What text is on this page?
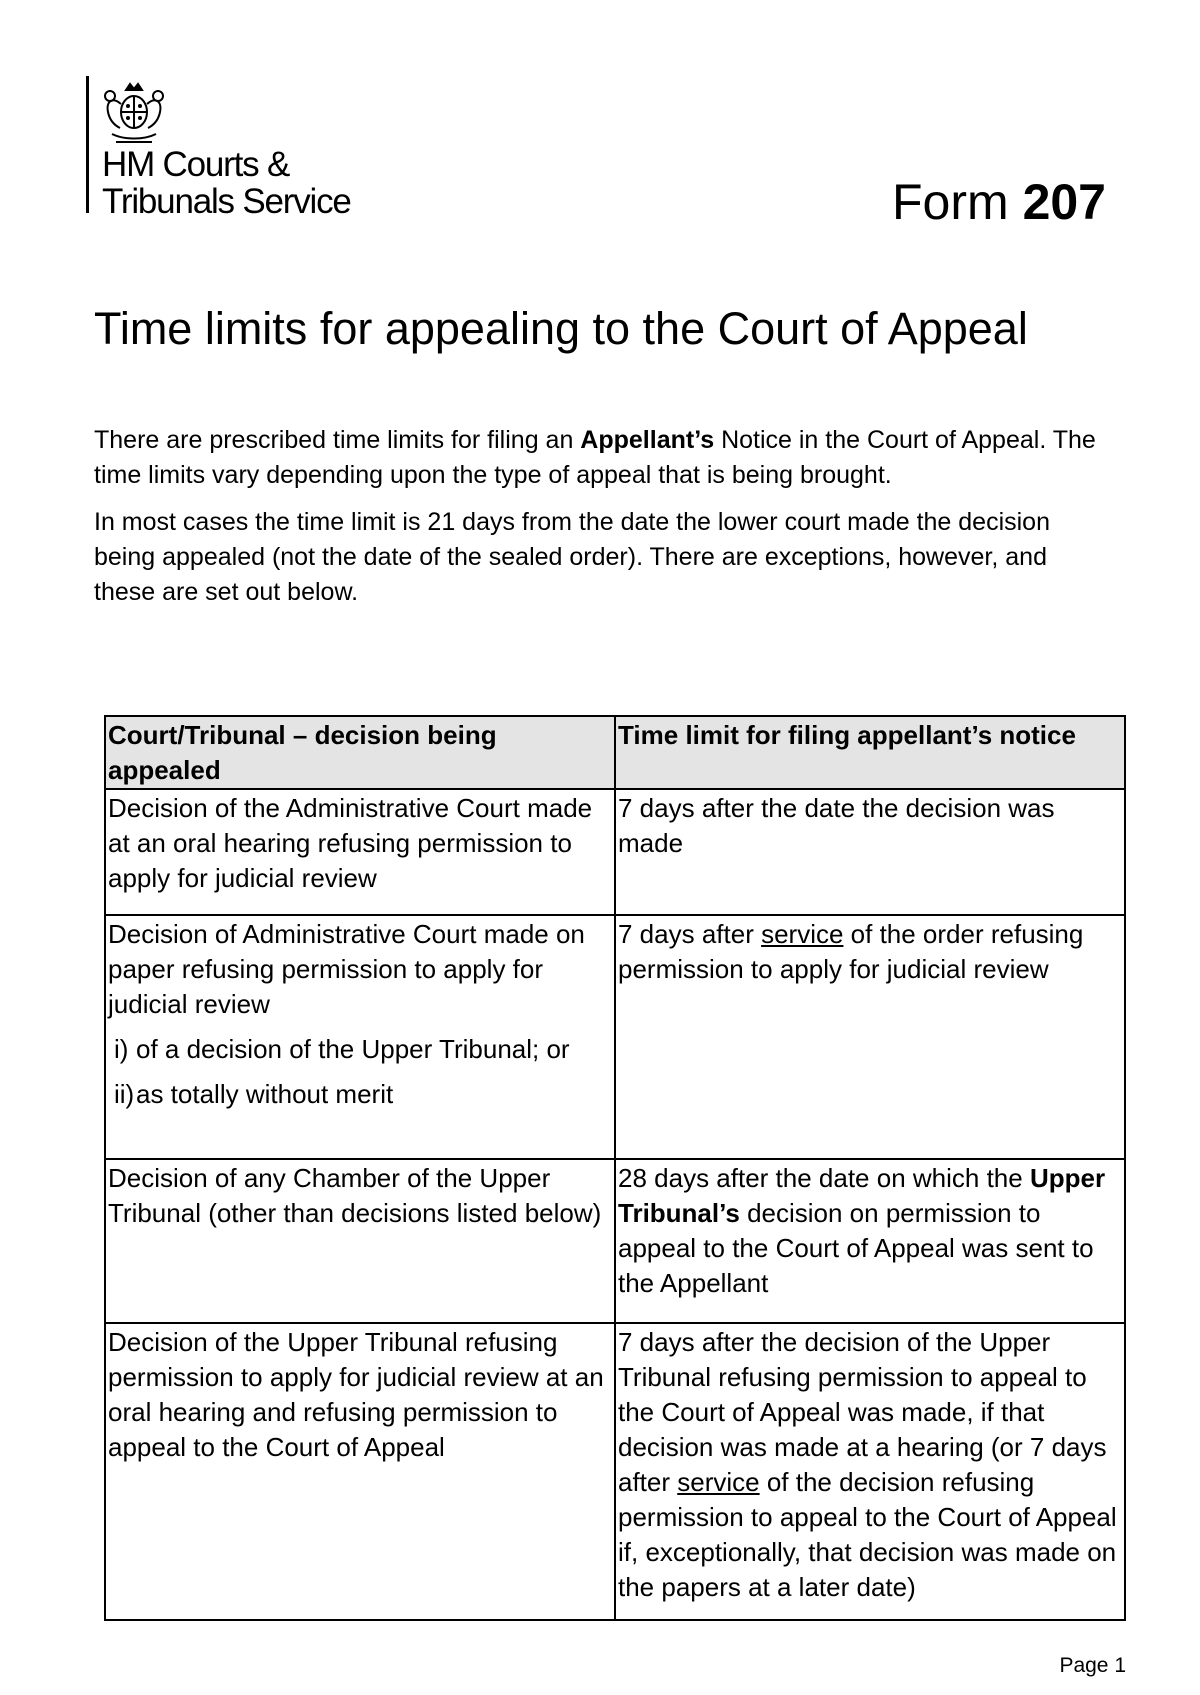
HM Courts &
Tribunals Service	Form 207
Time limits for appealing to the Court of Appeal

There are prescribed time limits for filing an Appellant’s Notice in the Court of Appeal. The time limits vary depending upon the type of appeal that is being brought.

In most cases the time limit is 21 days from the date the lower court made the decision being appealed (not the date of the sealed order). There are exceptions, however, and these are set out below.

Court/Tribunal – decision being appealed	Time limit for filing appellant’s notice
Decision of the Administrative Court made at an oral hearing refusing permission to apply for judicial review	7 days after the date the decision was made

Decision of Administrative Court made on paper refusing permission to apply for judicial review
i) of a decision of the Upper Tribunal; or
ii) as totally without merit	7 days after service of the order refusing permission to apply for judicial review
Decision of any Chamber of the Upper Tribunal (other than decisions listed below)	28 days after the date on which the Upper Tribunal’s decision on permission to appeal to the Court of Appeal was sent to the Appellant
Decision of the Upper Tribunal refusing permission to apply for judicial review at an oral hearing and refusing permission to appeal to the Court of Appeal	7 days after the decision of the Upper Tribunal refusing permission to appeal to the Court of Appeal was made, if that decision was made at a hearing (or 7 days after service of the decision refusing permission to appeal to the Court of Appeal if, exceptionally, that decision was made on the papers at a later date)
Page 1
